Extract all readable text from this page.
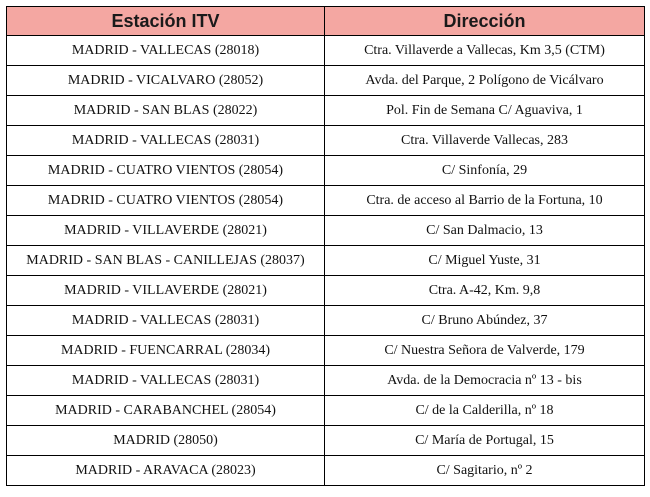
Estación ITV	Dirección
MADRID - VALLECAS (28018)	Ctra. Villaverde a Vallecas, Km 3,5 (CTM)
MADRID - VICALVARO (28052)	Avda. del Parque, 2 Polígono de Vicálvaro
MADRID - SAN BLAS (28022)	Pol. Fin de Semana C/ Aguaviva, 1
MADRID - VALLECAS (28031)	Ctra. Villaverde Vallecas, 283
MADRID - CUATRO VIENTOS (28054)	C/ Sinfonía, 29
MADRID - CUATRO VIENTOS (28054)	Ctra. de acceso al Barrio de la Fortuna, 10
MADRID - VILLAVERDE (28021)	C/ San Dalmacio, 13
MADRID - SAN BLAS - CANILLEJAS (28037)	C/ Miguel Yuste, 31
MADRID - VILLAVERDE (28021)	Ctra. A-42, Km. 9,8
MADRID - VALLECAS (28031)	C/ Bruno Abúndez, 37
MADRID - FUENCARRAL (28034)	C/ Nuestra Señora de Valverde, 179
MADRID - VALLECAS (28031)	Avda. de la Democracia nº 13 - bis
MADRID - CARABANCHEL (28054)	C/ de la Calderilla, nº 18
MADRID (28050)	C/ María de Portugal, 15
MADRID - ARAVACA (28023)	C/ Sagitario, nº 2
